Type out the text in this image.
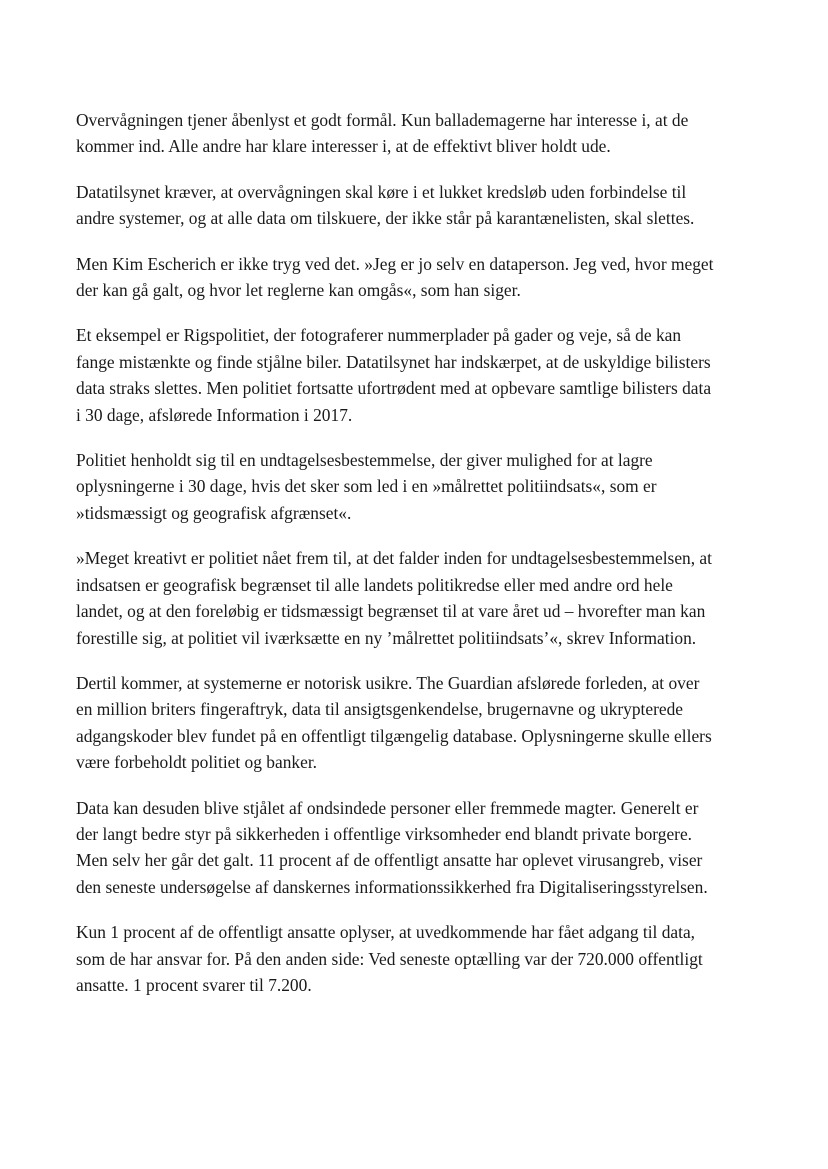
Overvågningen tjener åbenlyst et godt formål. Kun ballademagerne har interesse i, at de
kommer ind. Alle andre har klare interesser i, at de effektivt bliver holdt ude.

Datatilsynet kræver, at overvågningen skal køre i et lukket kredsløb uden forbindelse til
andre systemer, og at alle data om tilskuere, der ikke står på karantænelisten, skal slettes.

Men Kim Escherich er ikke tryg ved det. »Jeg er jo selv en dataperson. Jeg ved, hvor meget
der kan gå galt, og hvor let reglerne kan omgås«, som han siger.

Et eksempel er Rigspolitiet, der fotograferer nummerplader på gader og veje, så de kan
fange mistænkte og finde stjålne biler. Datatilsynet har indskærpet, at de uskyldige bilisters
data straks slettes. Men politiet fortsatte ufortrødent med at opbevare samtlige bilisters data
i 30 dage, afslørede Information i 2017.

Politiet henholdt sig til en undtagelsesbestemmelse, der giver mulighed for at lagre
oplysningerne i 30 dage, hvis det sker som led i en »målrettet politiindsats«, som er
»tidsmæssigt og geografisk afgrænset«.

»Meget kreativt er politiet nået frem til, at det falder inden for undtagelsesbestemmelsen, at
indsatsen er geografisk begrænset til alle landets politikredse eller med andre ord hele
landet, og at den foreløbig er tidsmæssigt begrænset til at vare året ud – hvorefter man kan
forestille sig, at politiet vil iværksætte en ny ’målrettet politiindsats’«, skrev Information.

Dertil kommer, at systemerne er notorisk usikre. The Guardian afslørede forleden, at over
en million briters fingeraftryk, data til ansigtsgenkendelse, brugernavne og ukrypterede
adgangskoder blev fundet på en offentligt tilgængelig database. Oplysningerne skulle ellers
være forbeholdt politiet og banker.

Data kan desuden blive stjålet af ondsindede personer eller fremmede magter. Generelt er
der langt bedre styr på sikkerheden i offentlige virksomheder end blandt private borgere.
Men selv her går det galt. 11 procent af de offentligt ansatte har oplevet virusangreb, viser
den seneste undersøgelse af danskernes informationssikkerhed fra Digitaliseringsstyrelsen.

Kun 1 procent af de offentligt ansatte oplyser, at uvedkommende har fået adgang til data,
som de har ansvar for. På den anden side: Ved seneste optælling var der 720.000 offentligt
ansatte. 1 procent svarer til 7.200.
